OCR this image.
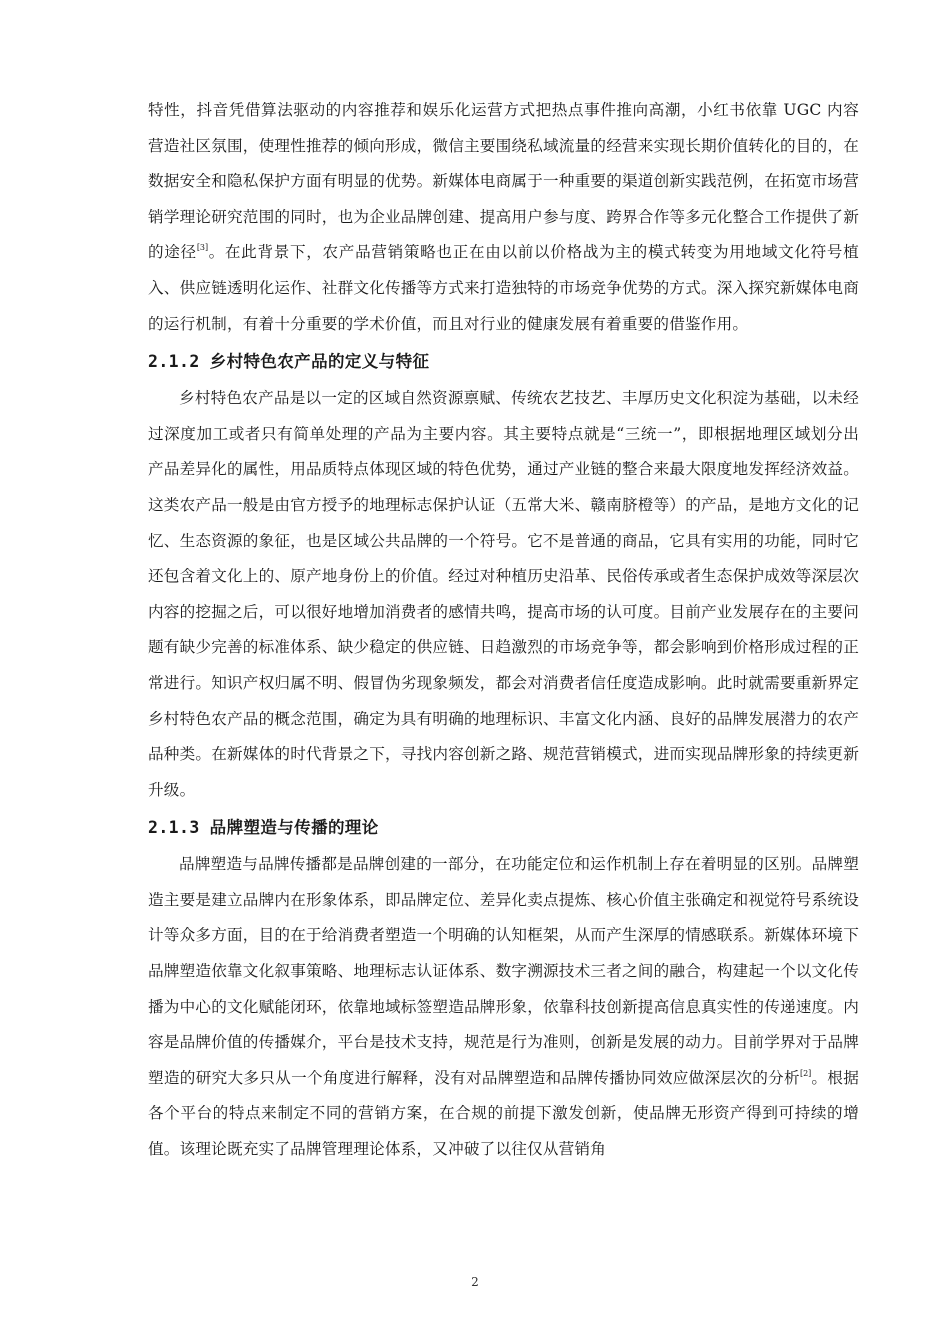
特性，抖音凭借算法驱动的内容推荐和娱乐化运营方式把热点事件推向高潮，小红书依靠 UGC 内容营造社区氛围，使理性推荐的倾向形成，微信主要围绕私域流量的经营来实现长期价值转化的目的，在数据安全和隐私保护方面有明显的优势。新媒体电商属于一种重要的渠道创新实践范例，在拓宽市场营销学理论研究范围的同时，也为企业品牌创建、提高用户参与度、跨界合作等多元化整合工作提供了新的途径[3]。在此背景下，农产品营销策略也正在由以前以价格战为主的模式转变为用地域文化符号植入、供应链透明化运作、社群文化传播等方式来打造独特的市场竞争优势的方式。深入探究新媒体电商的运行机制，有着十分重要的学术价值，而且对行业的健康发展有着重要的借鉴作用。

2.1.2 乡村特色农产品的定义与特征

乡村特色农产品是以一定的区域自然资源禀赋、传统农艺技艺、丰厚历史文化积淀为基础，以未经过深度加工或者只有简单处理的产品为主要内容。其主要特点就是“三统一”，即根据地理区域划分出产品差异化的属性，用品质特点体现区域的特色优势，通过产业链的整合来最大限度地发挥经济效益。这类农产品一般是由官方授予的地理标志保护认证（五常大米、赣南脐橙等）的产品，是地方文化的记忆、生态资源的象征，也是区域公共品牌的一个符号。它不是普通的商品，它具有实用的功能，同时它还包含着文化上的、原产地身份上的价值。经过对种植历史沿革、民俗传承或者生态保护成效等深层次内容的挖掘之后，可以很好地增加消费者的感情共鸣，提高市场的认可度。目前产业发展存在的主要问题有缺少完善的标准体系、缺少稳定的供应链、日趋激烈的市场竞争等，都会影响到价格形成过程的正常进行。知识产权归属不明、假冒伪劣现象频发，都会对消费者信任度造成影响。此时就需要重新界定乡村特色农产品的概念范围，确定为具有明确的地理标识、丰富文化内涵、良好的品牌发展潜力的农产品种类。在新媒体的时代背景之下，寻找内容创新之路、规范营销模式，进而实现品牌形象的持续更新升级。

2.1.3 品牌塑造与传播的理论

品牌塑造与品牌传播都是品牌创建的一部分，在功能定位和运作机制上存在着明显的区别。品牌塑造主要是建立品牌内在形象体系，即品牌定位、差异化卖点提炼、核心价值主张确定和视觉符号系统设计等众多方面，目的在于给消费者塑造一个明确的认知框架，从而产生深厚的情感联系。新媒体环境下品牌塑造依靠文化叙事策略、地理标志认证体系、数字溯源技术三者之间的融合，构建起一个以文化传播为中心的文化赋能闭环，依靠地域标签塑造品牌形象，依靠科技创新提高信息真实性的传递速度。内容是品牌价值的传播媒介，平台是技术支持，规范是行为准则，创新是发展的动力。目前学界对于品牌塑造的研究大多只从一个角度进行解释，没有对品牌塑造和品牌传播协同效应做深层次的分析[2]。根据各个平台的特点来制定不同的营销方案，在合规的前提下激发创新，使品牌无形资产得到可持续的增值。该理论既充实了品牌管理理论体系，又冲破了以往仅从营销角

2
